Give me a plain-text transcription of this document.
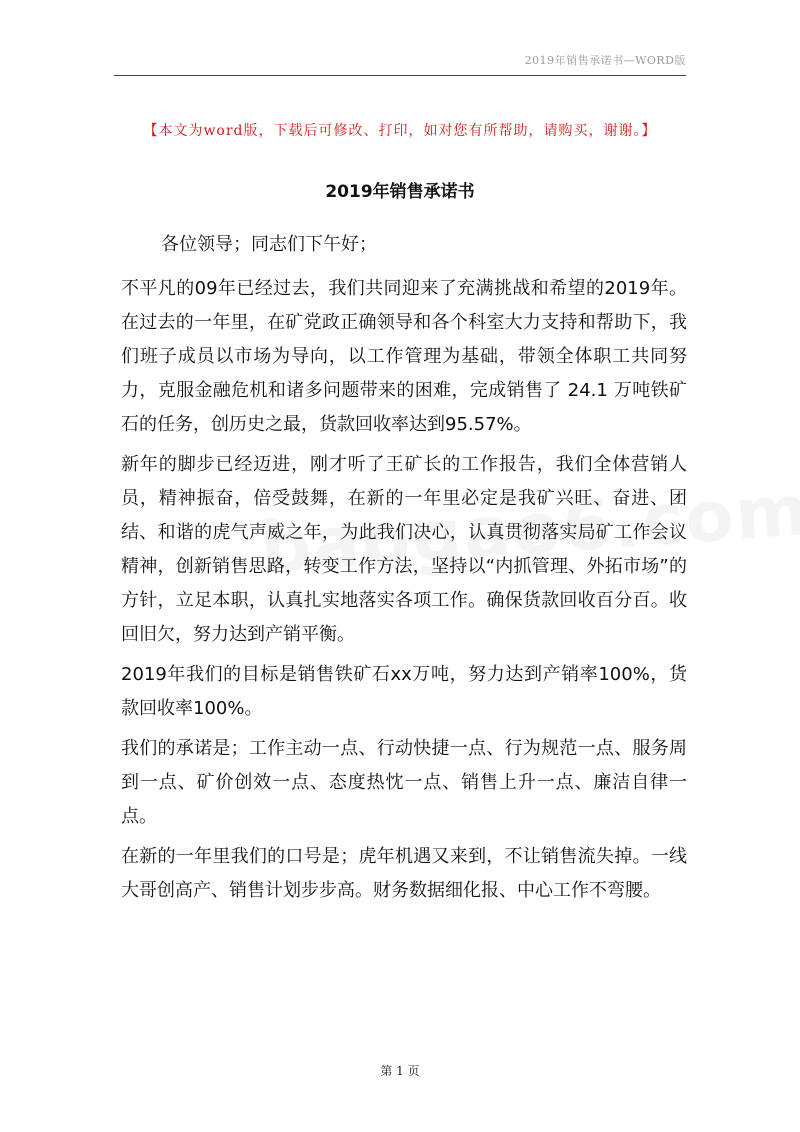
2019年销售承诺书—WORD版
【本文为word版，下载后可修改、打印，如对您有所帮助，请购买，谢谢。】
2019年销售承诺书

各位领导；同志们下午好；

不平凡的09年已经过去，我们共同迎来了充满挑战和希望的2019年。在过去的一年里，在矿党政正确领导和各个科室大力支持和帮助下，我们班子成员以市场为导向，以工作管理为基础，带领全体职工共同努力，克服金融危机和诸多问题带来的困难，完成销售了 24.1 万吨铁矿石的任务，创历史之最，货款回收率达到95.57%。

新年的脚步已经迈进，刚才听了王矿长的工作报告，我们全体营销人员，精神振奋，倍受鼓舞，在新的一年里必定是我矿兴旺、奋进、团结、和谐的虎气声威之年，为此我们决心，认真贯彻落实局矿工作会议精神，创新销售思路，转变工作方法，坚持以“内抓管理、外拓市场”的方针，立足本职，认真扎实地落实各项工作。确保货款回收百分百。收回旧欠，努力达到产销平衡。

2019年我们的目标是销售铁矿石xx万吨，努力达到产销率100%，货款回收率100%。

我们的承诺是；工作主动一点、行动快捷一点、行为规范一点、服务周到一点、矿价创效一点、态度热忱一点、销售上升一点、廉洁自律一点。

在新的一年里我们的口号是；虎年机遇又来到，不让销售流失掉。一线大哥创高产、销售计划步步高。财务数据细化报、中心工作不弯腰。

第 1 页
